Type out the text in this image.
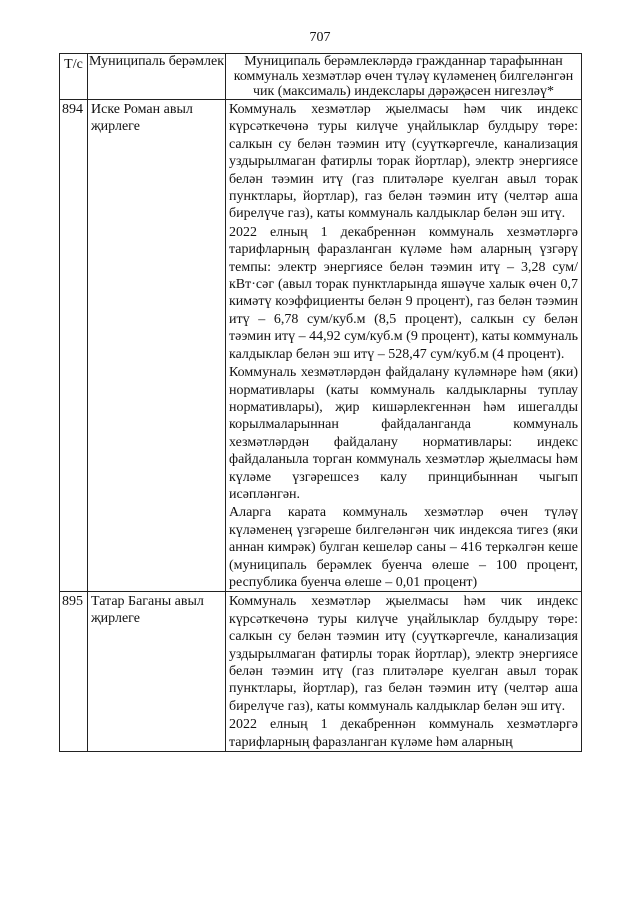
707
Т/с	Муниципаль берәмлек	Муниципаль берәмлекләрдә гражданнар тарафыннан коммуналь хезмәтләр өчен түләү күләменең билгеләнгән чик (максималь) индекслары дәрәҗәсен нигезләү*
894	Иске Роман авыл җирлеге	Коммуналь хезмәтләр җыелмасы һәм чик индекс күрсәткечөнә туры килүче уңайлыклар булдыру төре: салкын су белән тәэмин итү (суүткәргечле, канализация уздырылмаган фатирлы торак йортлар), электр энергиясе белән тәэмин итү (газ плитәләре куелган авыл торак пунктлары, йортлар), газ белән тәэмин итү (челтәр аша бирелүче газ), каты коммуналь калдыклар белән эш итү.

2022 елның 1 декабреннән коммуналь хезмәтләргә тарифларның фаразланган күләме һәм аларның үзгәрү темпы: электр энергиясе белән тәэмин итү – 3,28 сум/кВт·сәг (авыл торак пунктларында яшәүче халык өчен 0,7 кимәтү коэффициенты белән 9 процент), газ белән тәэмин итү – 6,78 сум/куб.м (8,5 процент), салкын су белән тәэмин итү – 44,92 сум/куб.м (9 процент), каты коммуналь калдыклар белән эш итү – 528,47 сум/куб.м (4 процент).

Коммуналь хезмәтләрдән файдалану күләмнәре һәм (яки) нормативлары (каты коммуналь калдыкларны туплау нормативлары), җир кишәрлекгеннән һәм ишегалды корылмаларыннан файдаланганда коммуналь хезмәтләрдән файдалану нормативлары: индекс файдаланыла торган коммуналь хезмәтләр җыелмасы һәм күләме үзгәрешсез калу принцибыннан чыгып исәпләнгән.

Аларга карата коммуналь хезмәтләр өчен түләү күләменең үзгәреше билгеләнгән чик индексяа тигез (яки аннан кимрәк) булган кешеләр саны – 416 теркәлгән кеше (муниципаль берәмлек буенча өлеше – 100 процент, республика буенча өлеше – 0,01 процент)

895	Татар Баганы авыл җирлеге	Коммуналь хезмәтләр җыелмасы һәм чик индекс күрсәткечөнә туры килүче уңайлыклар булдыру төре: салкын су белән тәэмин итү (суүткәргечле, канализация уздырылмаган фатирлы торак йортлар), электр энергиясе белән тәэмин итү (газ плитәләре куелган авыл торак пунктлары, йортлар), газ белән тәэмин итү (челтәр аша бирелүче газ), каты коммуналь калдыклар белән эш итү.

2022 елның 1 декабреннән коммуналь хезмәтләргә тарифларның фаразланган күләме һәм аларның
